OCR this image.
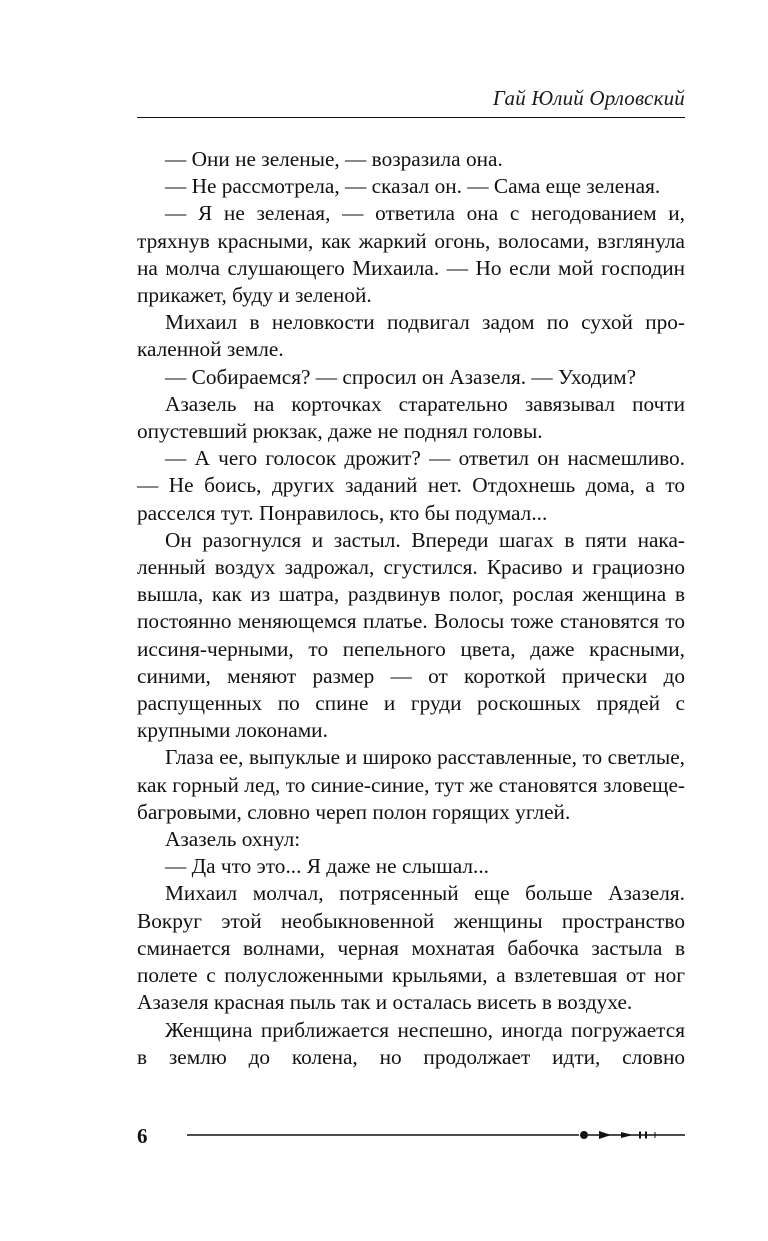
Гай Юлий Орловский

— Они не зеленые, — возразила она.

— Не рассмотрела, — сказал он. — Сама еще зеленая.

— Я не зеленая, — ответила она с негодованием и, тряхнув красными, как жаркий огонь, волосами, взглянула на молча слушающего Михаила. — Но если мой господин прикажет, буду и зеленой.

Михаил в неловкости подвигал задом по сухой прокаленной земле.

— Собираемся? — спросил он Азазеля. — Уходим?

Азазель на корточках старательно завязывал почти опустевший рюкзак, даже не поднял головы.

— А чего голосок дрожит? — ответил он насмешливо. — Не боись, других заданий нет. Отдохнешь дома, а то расселся тут. Понравилось, кто бы подумал...

Он разогнулся и застыл. Впереди шагах в пяти накаленный воздух задрожал, сгустился. Красиво и грациозно вышла, как из шатра, раздвинув полог, рослая женщина в постоянно меняющемся платье. Волосы тоже становятся то иссиня-черными, то пепельного цвета, даже красными, синими, меняют размер — от короткой прически до распущенных по спине и груди роскошных прядей с крупными локонами.

Глаза ее, выпуклые и широко расставленные, то светлые, как горный лед, то синие-синие, тут же становятся зловеще-багровыми, словно череп полон горящих углей.

Азазель охнул:

— Да что это... Я даже не слышал...

Михаил молчал, потрясенный еще больше Азазеля. Вокруг этой необыкновенной женщины пространство сминается волнами, черная мохнатая бабочка застыла в полете с полусложенными крыльями, а взлетевшая от ног Азазеля красная пыль так и осталась висеть в воздухе.

Женщина приближается неспешно, иногда погружается в землю до колена, но продолжает идти, словно

6
